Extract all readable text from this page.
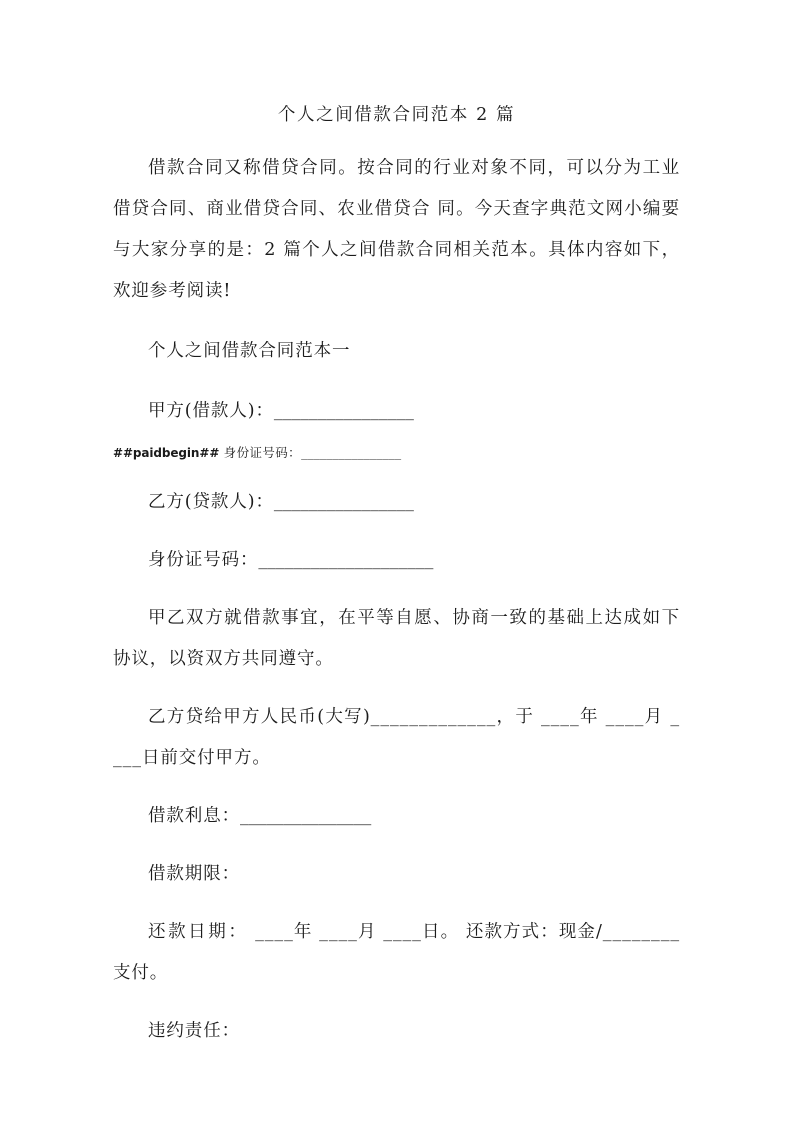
个人之间借款合同范本 2 篇

借款合同又称借贷合同。按合同的行业对象不同，可以分为工业借贷合同、商业借贷合同、农业借贷合 同。今天查字典范文网小编要与大家分享的是：2 篇个人之间借款合同相关范本。具体内容如下，欢迎参考阅读!

个人之间借款合同范本一

甲方(借款人)：________________

##paidbegin## 身份证号码：________________

乙方(贷款人)：________________

身份证号码：____________________

甲乙双方就借款事宜，在平等自愿、协商一致的基础上达成如下协议，以资双方共同遵守。

乙方贷给甲方人民币(大写)_____________，于 ____年 ____月 ____日前交付甲方。

借款利息：_______________

借款期限：

还款日期： ____年 ____月 ____日。 还款方式：现金/________支付。

违约责任：
